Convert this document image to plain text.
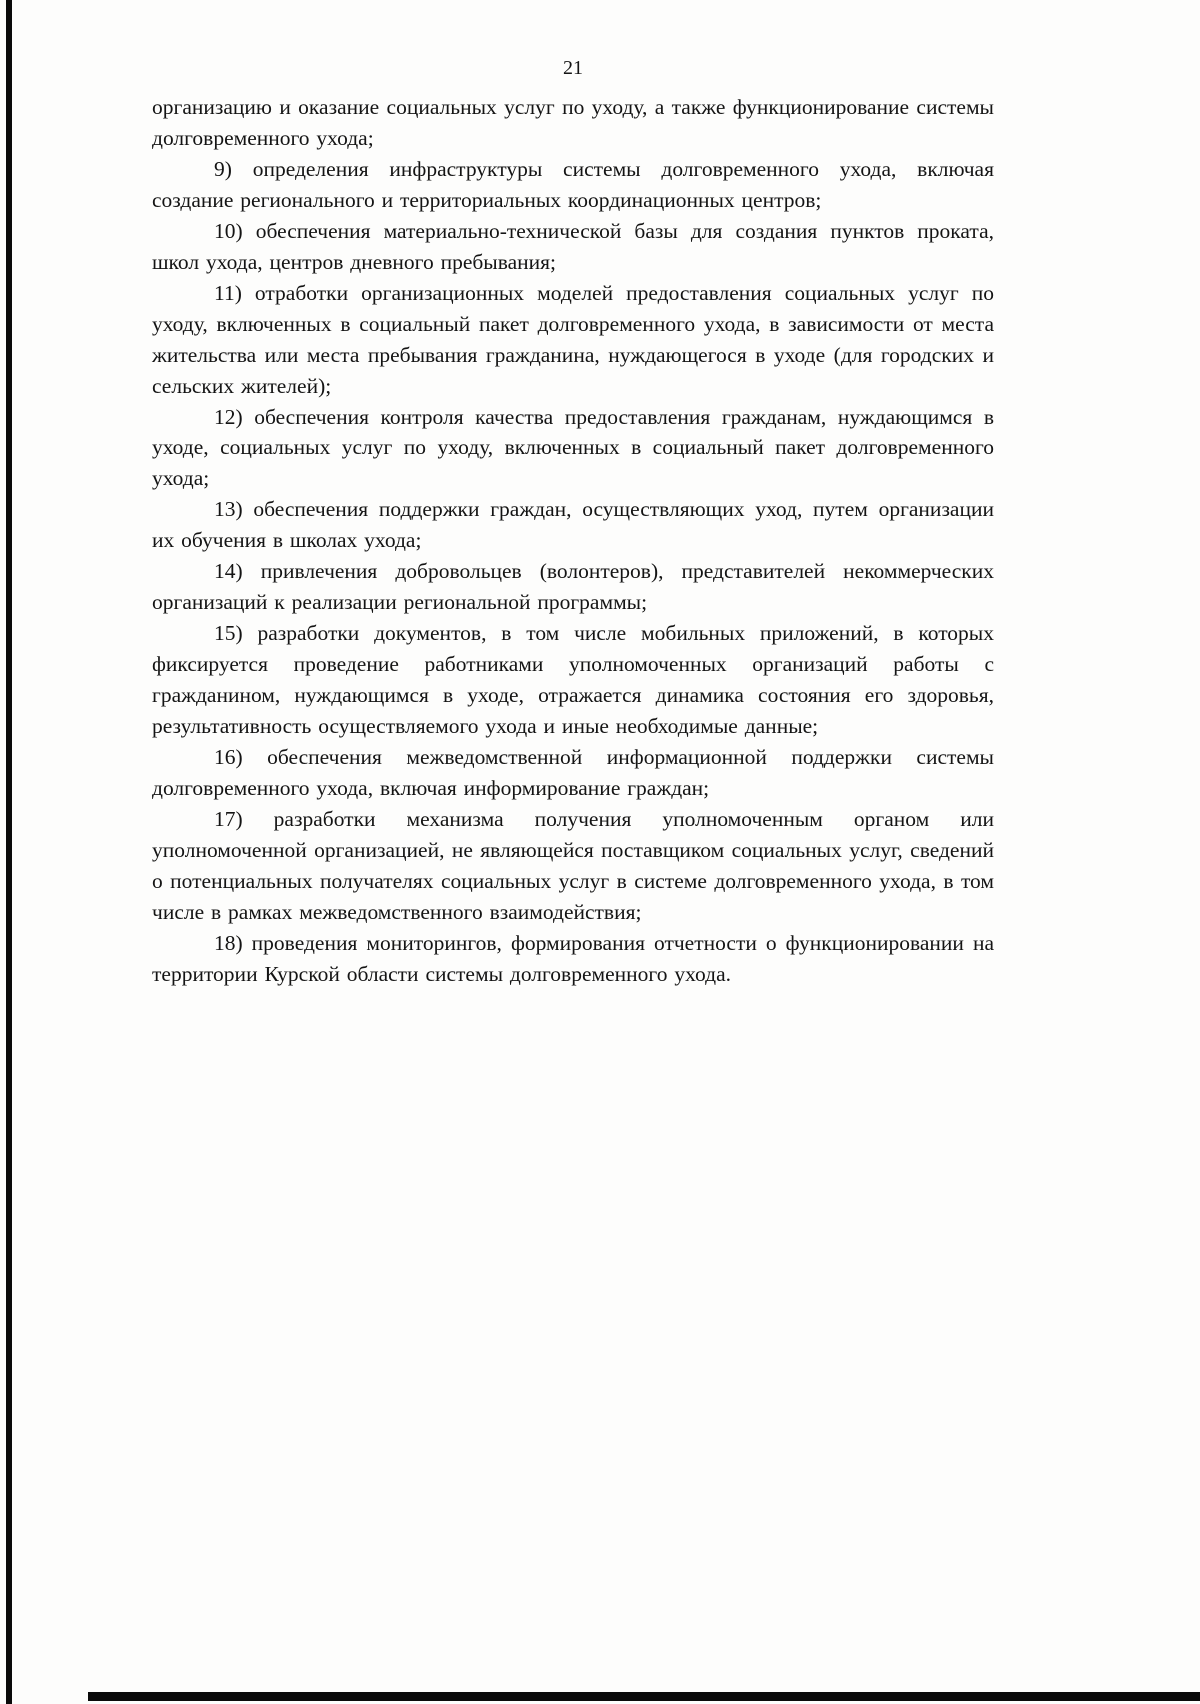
21

организацию и оказание социальных услуг по уходу, а также функционирование системы долговременного ухода;

9) определения инфраструктуры системы долговременного ухода, включая создание регионального и территориальных координационных центров;

10) обеспечения материально-технической базы для создания пунктов проката, школ ухода, центров дневного пребывания;

11) отработки организационных моделей предоставления социальных услуг по уходу, включенных в социальный пакет долговременного ухода, в зависимости от места жительства или места пребывания гражданина, нуждающегося в уходе (для городских и сельских жителей);

12) обеспечения контроля качества предоставления гражданам, нуждающимся в уходе, социальных услуг по уходу, включенных в социальный пакет долговременного ухода;

13) обеспечения поддержки граждан, осуществляющих уход, путем организации их обучения в школах ухода;

14) привлечения добровольцев (волонтеров), представителей некоммерческих организаций к реализации региональной программы;

15) разработки документов, в том числе мобильных приложений, в которых фиксируется проведение работниками уполномоченных организаций работы с гражданином, нуждающимся в уходе, отражается динамика состояния его здоровья, результативность осуществляемого ухода и иные необходимые данные;

16) обеспечения межведомственной информационной поддержки системы долговременного ухода, включая информирование граждан;

17) разработки механизма получения уполномоченным органом или уполномоченной организацией, не являющейся поставщиком социальных услуг, сведений о потенциальных получателях социальных услуг в системе долговременного ухода, в том числе в рамках межведомственного взаимодействия;

18) проведения мониторингов, формирования отчетности о функционировании на территории Курской области системы долговременного ухода.
